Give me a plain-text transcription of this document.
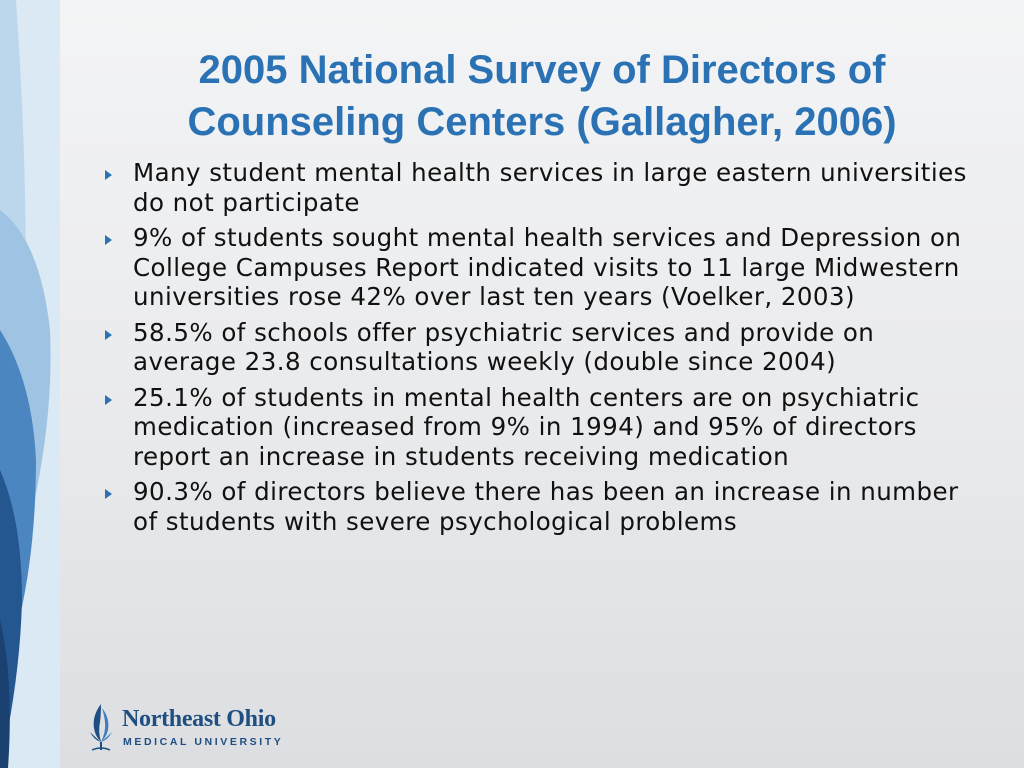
2005 National Survey of Directors of
Counseling Centers (Gallagher, 2006)
Many student mental health services in large eastern universities do not participate
9% of students sought mental health services and Depression on College Campuses Report indicated visits to 11 large Midwestern universities rose 42% over last ten years (Voelker, 2003)
58.5% of schools offer psychiatric services and provide on average 23.8 consultations weekly (double since 2004)
25.1% of students in mental health centers are on psychiatric medication (increased from 9% in 1994) and 95% of directors report an increase in students receiving medication
90.3% of directors believe there has been an increase in number of students with severe psychological problems
Northeast Ohio
MEDICAL UNIVERSITY
